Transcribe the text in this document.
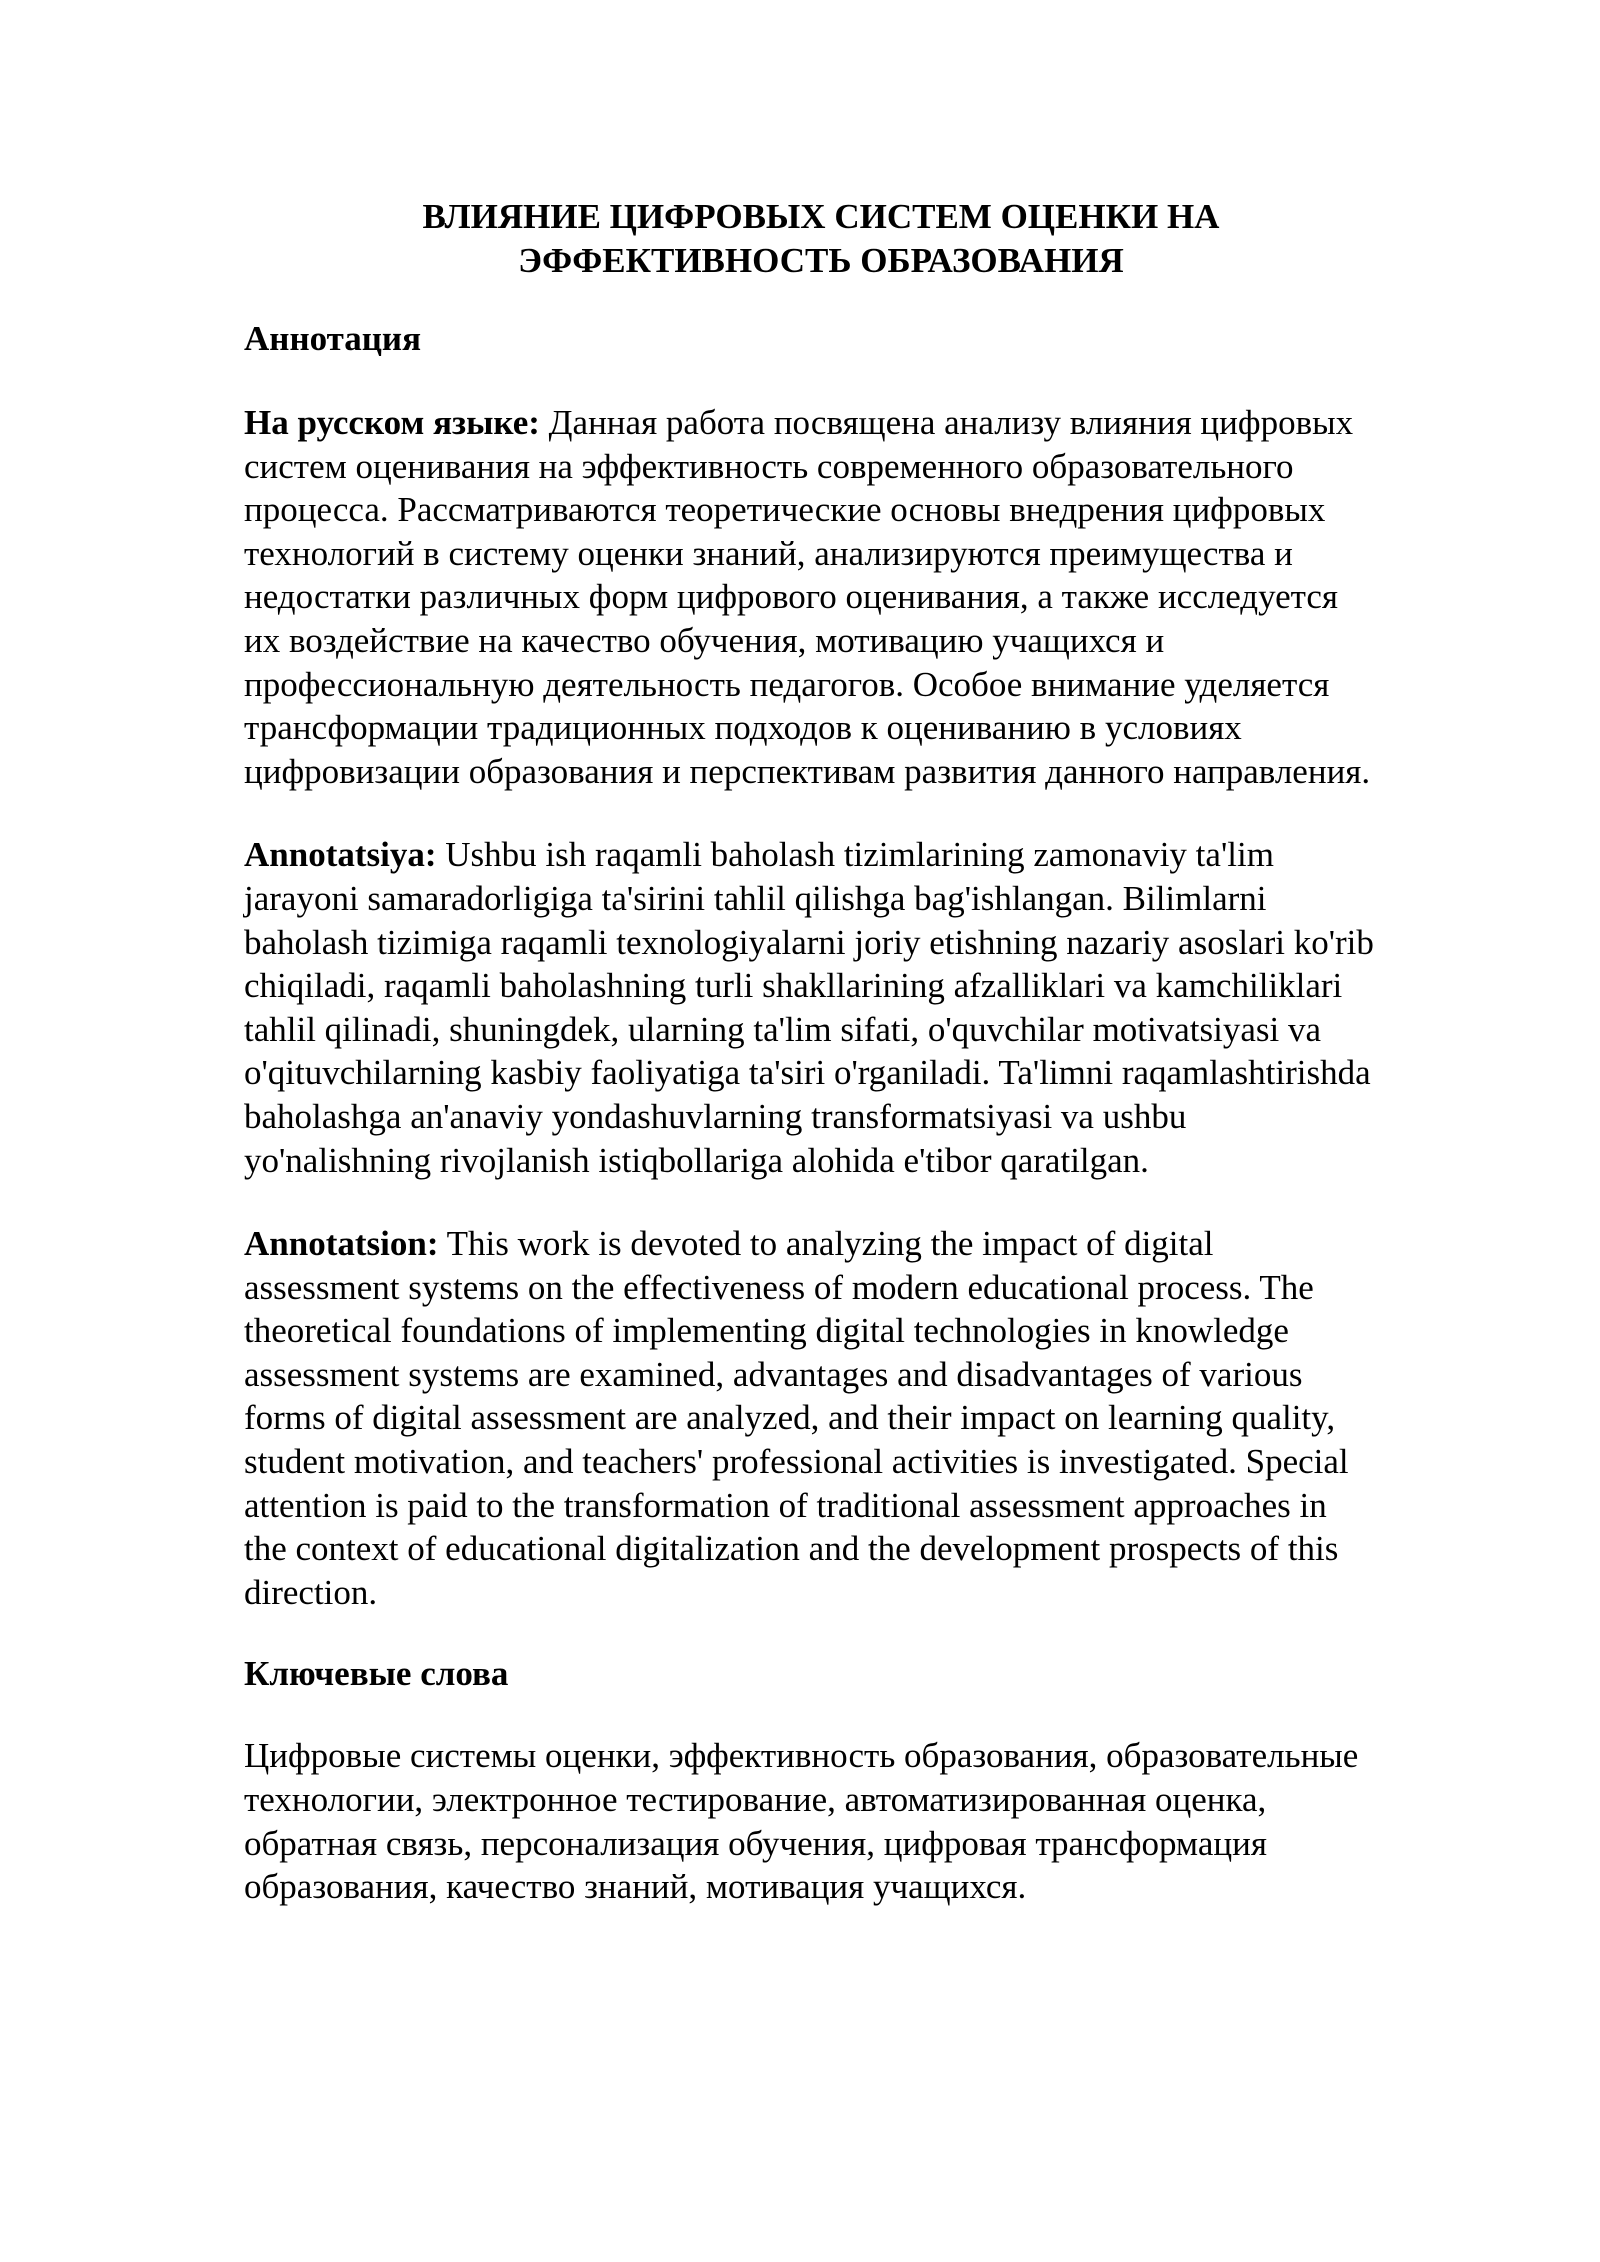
ВЛИЯНИЕ ЦИФРОВЫХ СИСТЕМ ОЦЕНКИ НА
ЭФФЕКТИВНОСТЬ ОБРАЗОВАНИЯ
Аннотация

На русском языке: Данная работа посвящена анализу влияния цифровых систем оценивания на эффективность современного образовательного процесса. Рассматриваются теоретические основы внедрения цифровых технологий в систему оценки знаний, анализируются преимущества и недостатки различных форм цифрового оценивания, а также исследуется их воздействие на качество обучения, мотивацию учащихся и профессиональную деятельность педагогов. Особое внимание уделяется трансформации традиционных подходов к оцениванию в условиях цифровизации образования и перспективам развития данного направления.

Annotatsiya: Ushbu ish raqamli baholash tizimlarining zamonaviy ta'lim jarayoni samaradorligiga ta'sirini tahlil qilishga bag'ishlangan. Bilimlarni baholash tizimiga raqamli texnologiyalarni joriy etishning nazariy asoslari ko'rib chiqiladi, raqamli baholashning turli shakllarining afzalliklari va kamchiliklari tahlil qilinadi, shuningdek, ularning ta'lim sifati, o'quvchilar motivatsiyasi va o'qituvchilarning kasbiy faoliyatiga ta'siri o'rganiladi. Ta'limni raqamlashtirishda baholashga an'anaviy yondashuvlarning transformatsiyasi va ushbu yo'nalishning rivojlanish istiqbollariga alohida e'tibor qaratilgan.

Annotatsion: This work is devoted to analyzing the impact of digital assessment systems on the effectiveness of modern educational process. The theoretical foundations of implementing digital technologies in knowledge assessment systems are examined, advantages and disadvantages of various forms of digital assessment are analyzed, and their impact on learning quality, student motivation, and teachers' professional activities is investigated. Special attention is paid to the transformation of traditional assessment approaches in the context of educational digitalization and the development prospects of this direction.

Ключевые слова

Цифровые системы оценки, эффективность образования, образовательные технологии, электронное тестирование, автоматизированная оценка, обратная связь, персонализация обучения, цифровая трансформация образования, качество знаний, мотивация учащихся.
